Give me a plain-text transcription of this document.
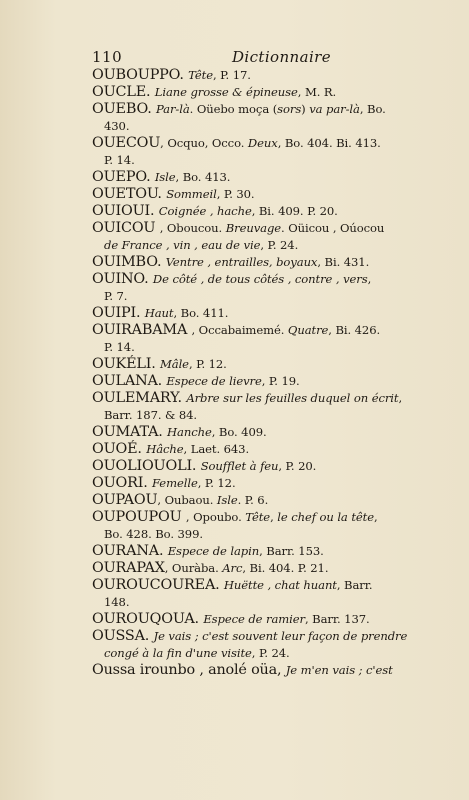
110	Dictionnaire
OUBOUPPO. Tête, P. 17.
OUCLE. Liane grosse & épineuse, M. R.
OUEBO. Par-là. Oüebo moça (sors) va par-là, Bo.
430.
OUECOU, Ocquo, Occo. Deux, Bo. 404. Bi. 413.
P. 14.
OUEPO. Isle, Bo. 413.
OUETOU. Sommeil, P. 30.
OUIOUI. Coignée , hache, Bi. 409. P. 20.
OUICOU , Oboucou. Breuvage. Oüicou , Oúocou
de France , vin , eau de vie, P. 24.
OUIMBO. Ventre , entrailles, boyaux, Bi. 431.
OUINO. De côté , de tous côtés , contre , vers,
P. 7.
OUIPI. Haut, Bo. 411.
OUIRABAMA , Occabaimemé. Quatre, Bi. 426.
P. 14.
OUKÉLI. Mâle, P. 12.
OULANA. Espece de lievre, P. 19.
OULEMARY. Arbre sur les feuilles duquel on écrit,
Barr. 187. & 84.
OUMATA. Hanche, Bo. 409.
OUOÉ. Hâche, Laet. 643.
OUOLIOUOLI. Soufflet à feu, P. 20.
OUORI. Femelle, P. 12.
OUPAOU, Oubaou. Isle. P. 6.
OUPOUPOU , Opoubo. Tête, le chef ou la tête,
Bo. 428. Bo. 399.
OURANA. Espece de lapin, Barr. 153.
OURAPAX, Ouràba. Arc, Bi. 404. P. 21.
OUROUCOUREA. Huëtte , chat huant, Barr.
148.
OUROUQOUA. Espece de ramier, Barr. 137.
OUSSA. Je vais ; c'est souvent leur façon de prendre
congé à la fin d'une visite, P. 24.
Oussa irounbo , anolé oüa, Je m'en vais ; c'est
